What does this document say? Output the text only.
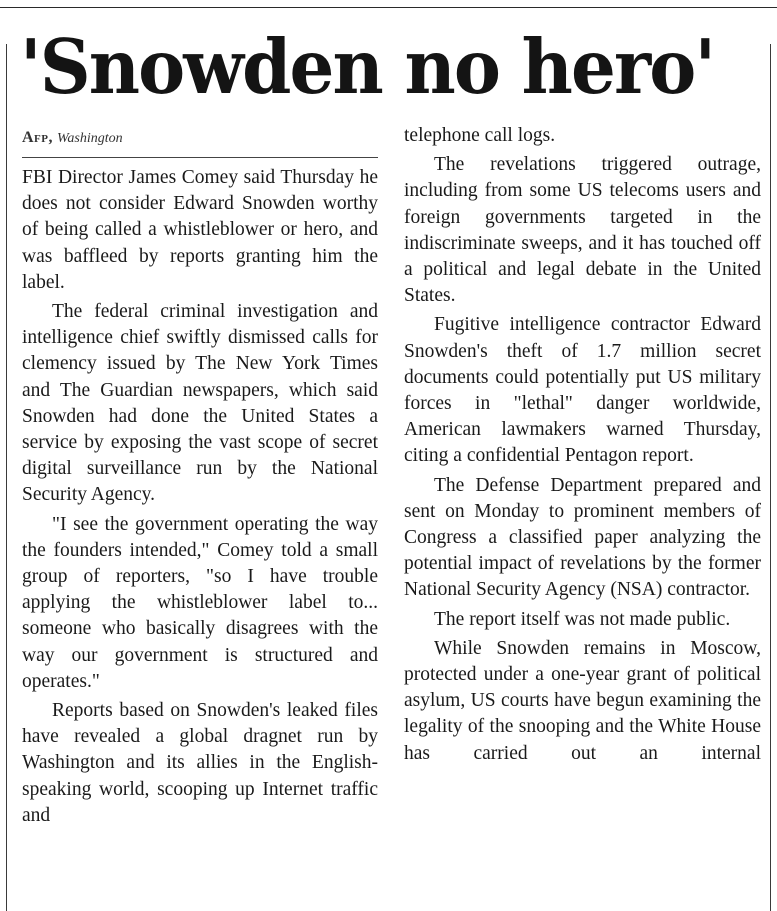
'Snowden no hero'
Afp, Washington

FBI Director James Comey said Thursday he does not consider Edward Snowden worthy of being called a whistleblower or hero, and was baffleed by reports granting him the label.

The federal criminal investigation and intelligence chief swiftly dismissed calls for clemency issued by The New York Times and The Guardian newspapers, which said Snowden had done the United States a service by exposing the vast scope of secret digital surveillance run by the National Security Agency.

"I see the government operating the way the founders intended," Comey told a small group of reporters, "so I have trouble applying the whistleblower label to... someone who basically disagrees with the way our government is structured and operates."

Reports based on Snowden's leaked files have revealed a global dragnet run by Washington and its allies in the English-speaking world, scooping up Internet traffic and

telephone call logs.

The revelations triggered outrage, including from some US telecoms users and foreign governments targeted in the indiscriminate sweeps, and it has touched off a political and legal debate in the United States.

Fugitive intelligence contractor Edward Snowden's theft of 1.7 million secret documents could potentially put US military forces in "lethal" danger worldwide, American lawmakers warned Thursday, citing a confidential Pentagon report.

The Defense Department prepared and sent on Monday to prominent members of Congress a classified paper analyzing the potential impact of revelations by the former National Security Agency (NSA) contractor.

The report itself was not made public.

While Snowden remains in Moscow, protected under a one-year grant of political asylum, US courts have begun examining the legality of the snooping and the White House has carried out an internal
